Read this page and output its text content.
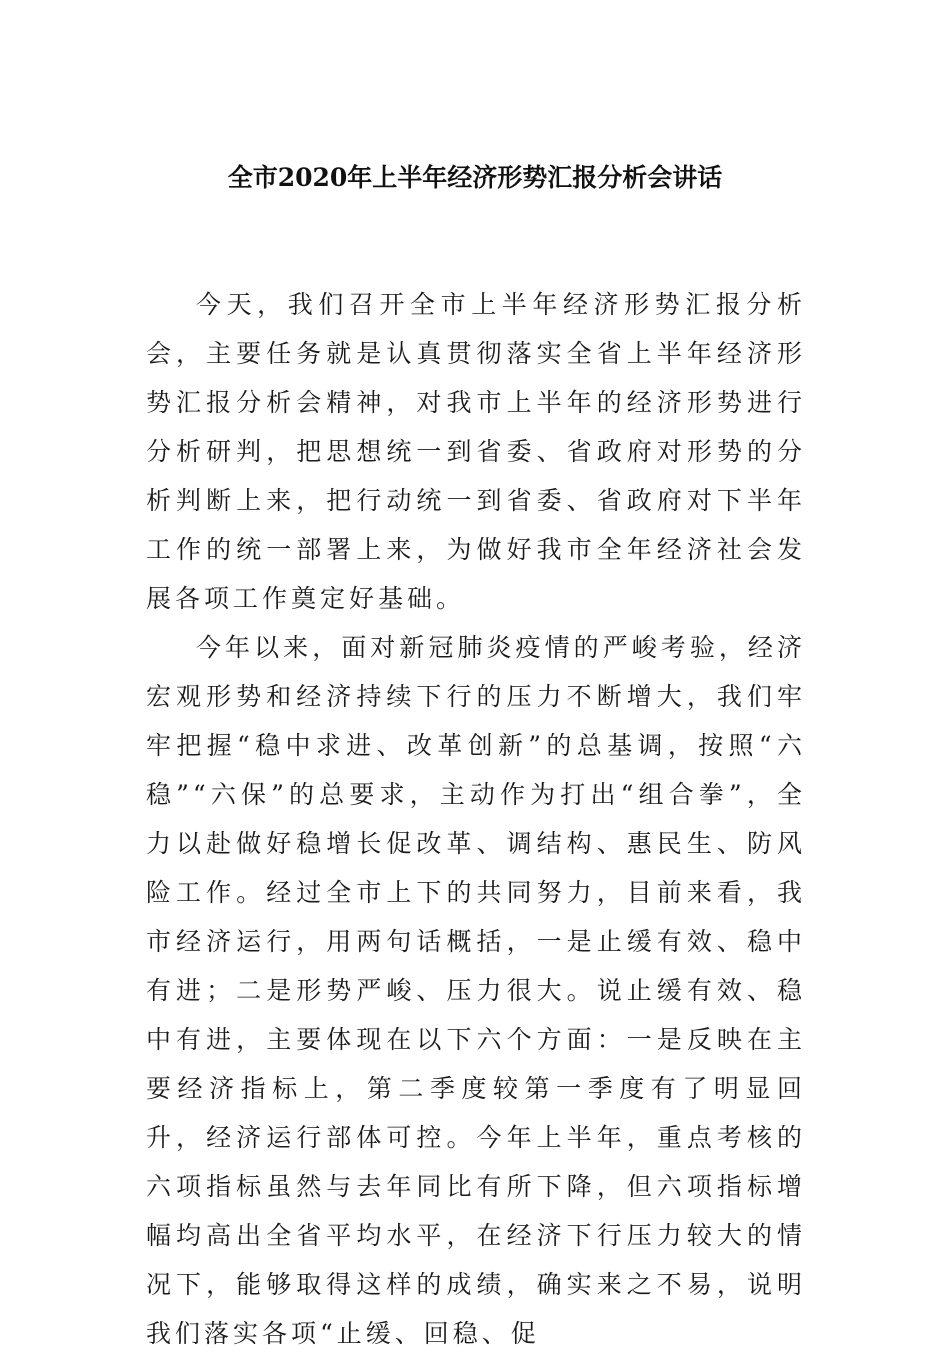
全市2020年上半年经济形势汇报分析会讲话

今天，我们召开全市上半年经济形势汇报分析会，主要任务就是认真贯彻落实全省上半年经济形势汇报分析会精神，对我市上半年的经济形势进行分析研判，把思想统一到省委、省政府对形势的分析判断上来，把行动统一到省委、省政府对下半年工作的统一部署上来，为做好我市全年经济社会发展各项工作奠定好基础。

今年以来，面对新冠肺炎疫情的严峻考验，经济宏观形势和经济持续下行的压力不断增大，我们牢牢把握“稳中求进、改革创新”的总基调，按照“六稳”“六保”的总要求，主动作为打出“组合拳”，全力以赴做好稳增长促改革、调结构、惠民生、防风险工作。经过全市上下的共同努力，目前来看，我市经济运行，用两句话概括，一是止缓有效、稳中有进；二是形势严峻、压力很大。说止缓有效、稳中有进，主要体现在以下六个方面：一是反映在主要经济指标上，第二季度较第一季度有了明显回升，经济运行部体可控。今年上半年，重点考核的六项指标虽然与去年同比有所下降，但六项指标增幅均高出全省平均水平，在经济下行压力较大的情况下，能够取得这样的成绩，确实来之不易，说明我们落实各项“止缓、回稳、促
